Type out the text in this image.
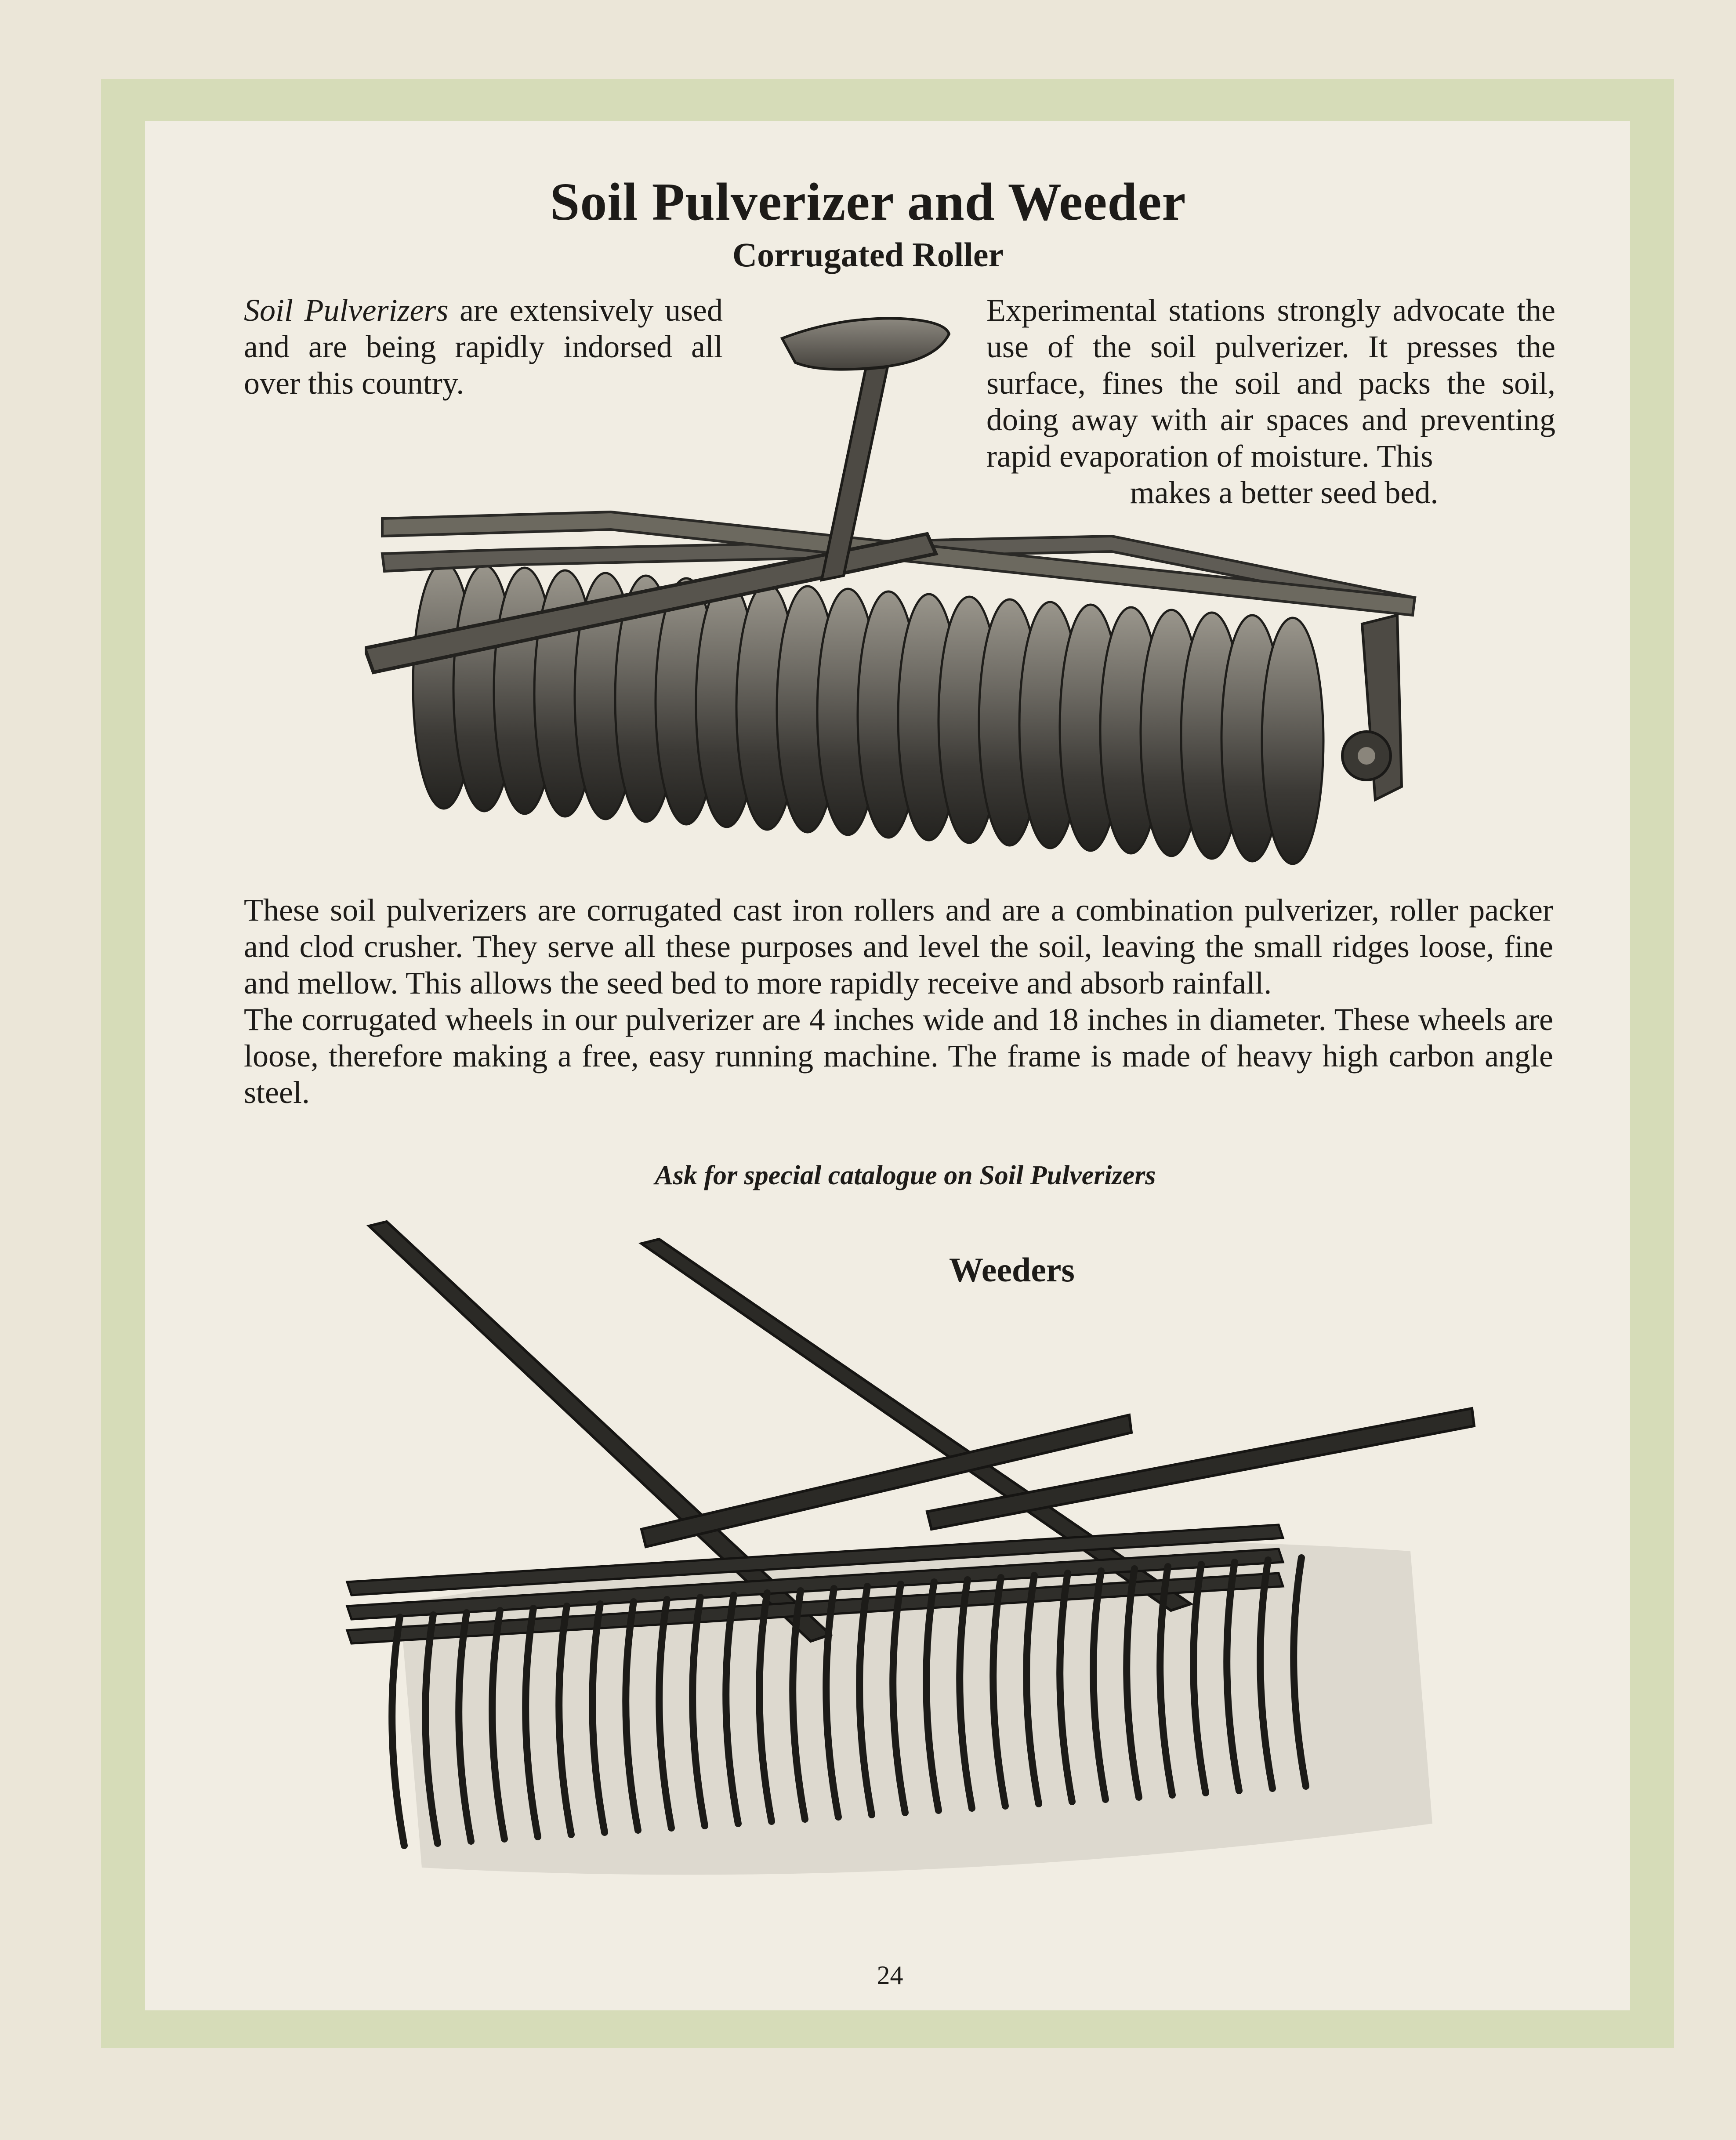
Soil Pulverizer and Weeder
Corrugated Roller
Soil Pulverizers are extensively used and are being rapidly indorsed all over this country.
Experimental stations strongly advocate the use of the soil pulverizer. It presses the surface, fines the soil and packs the soil, doing away with air spaces and preventing rapid evaporation of moisture. This
makes a better seed bed.

These soil pulverizers are corrugated cast iron rollers and are a combination pulverizer, roller packer and clod crusher. They serve all these purposes and level the soil, leaving the small ridges loose, fine and mellow. This allows the seed bed to more rapidly receive and absorb rainfall.

The corrugated wheels in our pulverizer are 4 inches wide and 18 inches in diameter. These wheels are loose, therefore making a free, easy running machine. The frame is made of heavy high carbon angle steel.

Ask for special catalogue on Soil Pulverizers
Weeders
24
